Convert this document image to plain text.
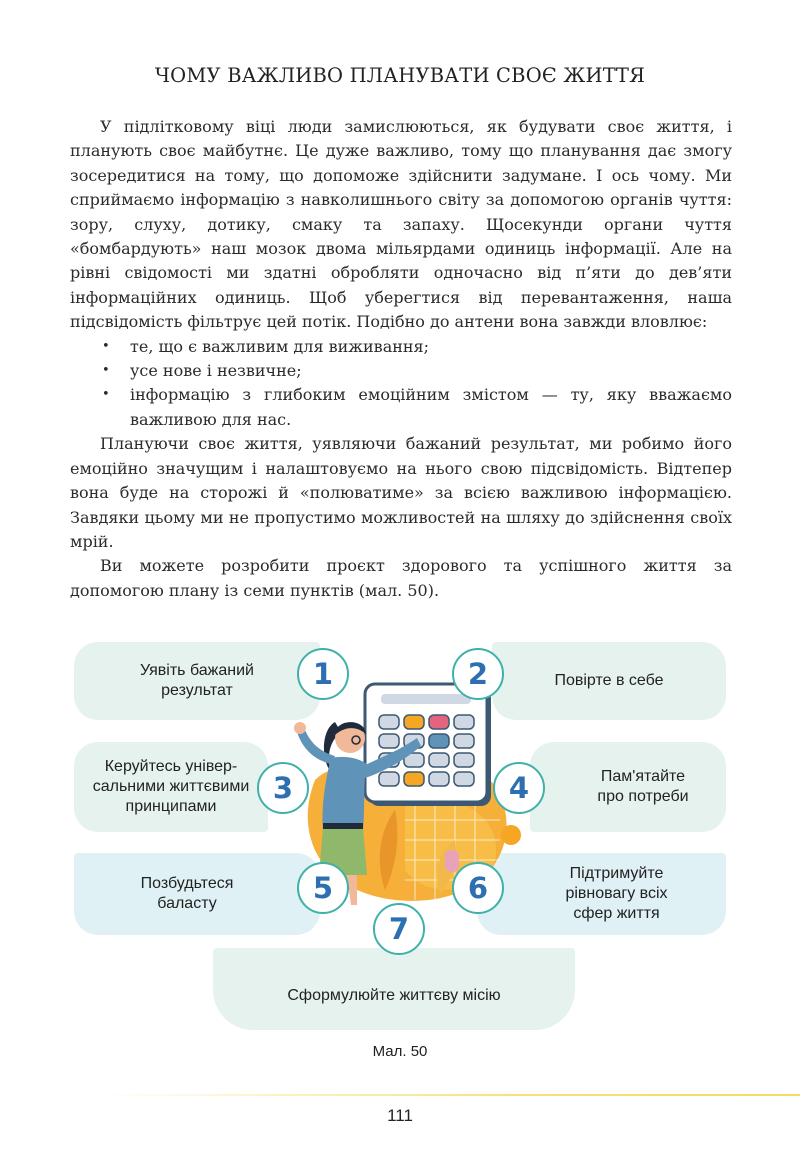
ЧОМУ ВАЖЛИВО ПЛАНУВАТИ СВОЄ ЖИТТЯ

У підлітковому віці люди замислюються, як будувати своє життя, і планують своє майбутнє. Це дуже важливо, тому що планування дає змогу зосередитися на тому, що допоможе здійснити задумане. І ось чому. Ми сприймаємо інформацію з навколишнього світу за допомогою органів чуття: зору, слуху, дотику, смаку та запаху. Щосекунди органи чуття «бомбардують» наш мозок двома мільярдами одиниць інформації. Але на рівні свідомості ми здатні обробляти одночасно від п’яти до дев’яти інформаційних одиниць. Щоб уберегтися від перевантаження, наша підсвідомість фільтрує цей потік. Подібно до антени вона завжди вловлює:

• те, що є важливим для виживання;
• усе нове і незвичне;
• інформацію з глибоким емоційним змістом — ту, яку вважаємо важливою для нас.

Плануючи своє життя, уявляючи бажаний результат, ми робимо його емоційно значущим і налаштовуємо на нього свою підсвідомість. Відтепер вона буде на сторожі й «полюватиме» за всією важливою інформацією. Завдяки цьому ми не пропустимо можливостей на шляху до здійснення своїх мрій.

Ви можете розробити проєкт здорового та успішного життя за допомогою плану із семи пунктів (мал. 50).

Уявіть бажаний
результат
Повірте в себе
Керуйтесь універ-
сальними життєвими
принципами
Пам'ятайте
про потреби
Позбудьтеся
баласту
Підтримуйте
рівновагу всіх
сфер життя
Сформулюйте життєву місію
1	2
3	4
5	6
7
Мал. 50
111
